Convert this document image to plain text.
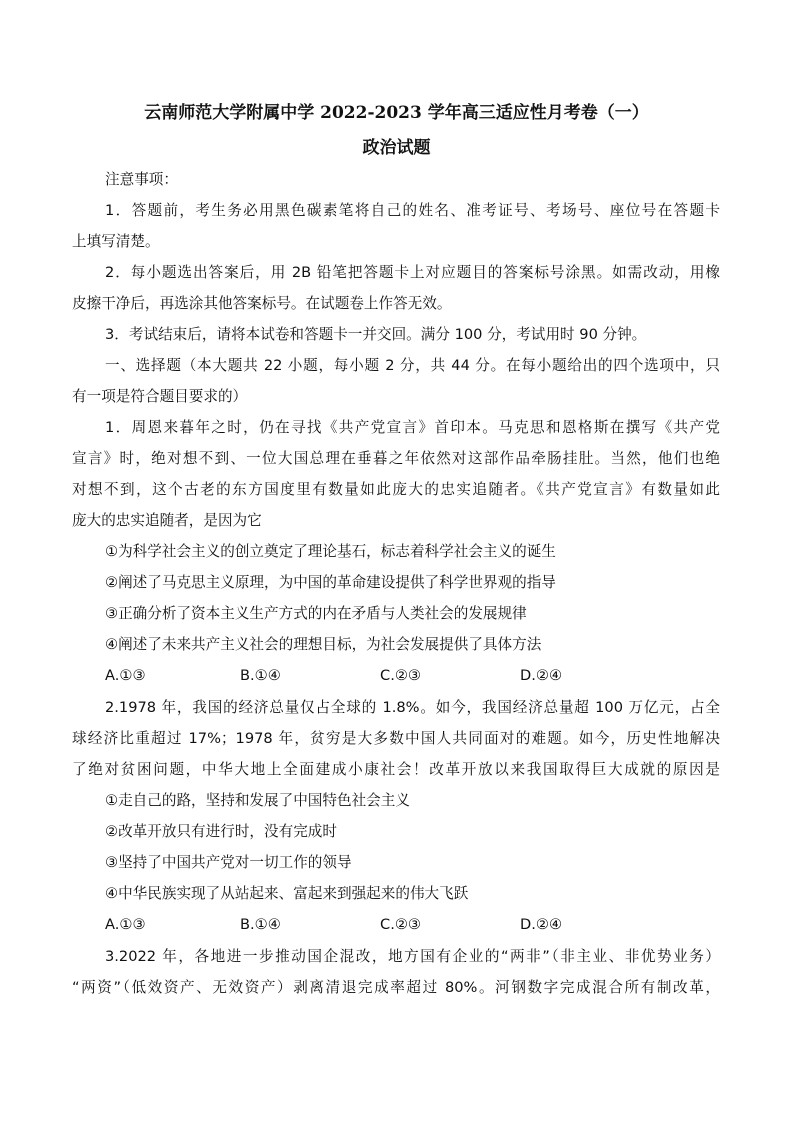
云南师范大学附属中学 2022-2023 学年高三适应性月考卷（一）
政治试题
注意事项：
1．答题前，考生务必用黑色碳素笔将自己的姓名、准考证号、考场号、座位号在答题卡
上填写清楚。
2．每小题选出答案后，用 2B 铅笔把答题卡上对应题目的答案标号涂黑。如需改动，用橡
皮擦干净后，再选涂其他答案标号。在试题卷上作答无效。
3．考试结束后，请将本试卷和答题卡一并交回。满分 100 分，考试用时 90 分钟。
一、选择题（本大题共 22 小题，每小题 2 分，共 44 分。在每小题给出的四个选项中，只
有一项是符合题目要求的）
1．周恩来暮年之时，仍在寻找《共产党宣言》首印本。马克思和恩格斯在撰写《共产党
宣言》时，绝对想不到、一位大国总理在垂暮之年依然对这部作品牵肠挂肚。当然，他们也绝
对想不到，这个古老的东方国度里有数量如此庞大的忠实追随者。《共产党宣言》有数量如此
庞大的忠实追随者，是因为它
①为科学社会主义的创立奠定了理论基石，标志着科学社会主义的诞生
②阐述了马克思主义原理，为中国的革命建设提供了科学世界观的指导
③正确分析了资本主义生产方式的内在矛盾与人类社会的发展规律
④阐述了未来共产主义社会的理想目标，为社会发展提供了具体方法
A.①③	B.①④	C.②③	D.②④
2.1978 年，我国的经济总量仅占全球的 1.8%。如今，我国经济总量超 100 万亿元，占全
球经济比重超过 17%；1978 年，贫穷是大多数中国人共同面对的难题。如今，历史性地解决
了绝对贫困问题，中华大地上全面建成小康社会！改革开放以来我国取得巨大成就的原因是
①走自己的路，坚持和发展了中国特色社会主义
②改革开放只有进行时，没有完成时
③坚持了中国共产党对一切工作的领导
④中华民族实现了从站起来、富起来到强起来的伟大飞跃
A.①③	B.①④	C.②③	D.②④
3.2022 年，各地进一步推动国企混改，地方国有企业的“两非”（非主业、非优势业务）
“两资”（低效资产、无效资产）剥离清退完成率超过 80%。河钢数字完成混合所有制改革，
